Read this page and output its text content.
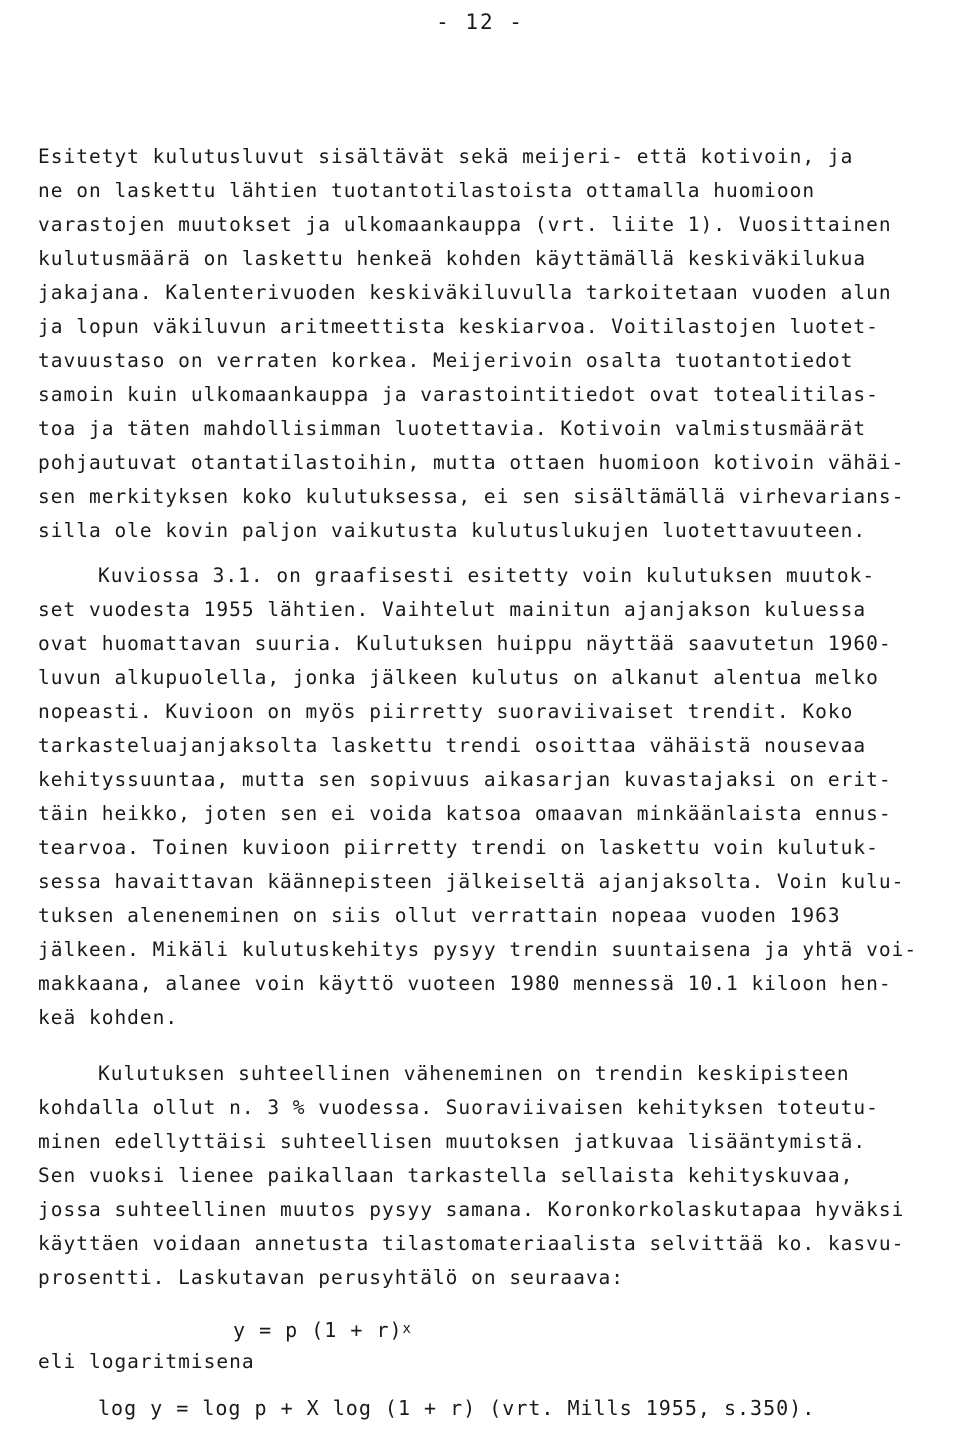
- 12 -
Esitetyt kulutusluvut sisältävät sekä meijeri- että kotivoin, ja
ne on laskettu lähtien tuotantotilastoista ottamalla huomioon
varastojen muutokset ja ulkomaankauppa (vrt. liite 1). Vuosittainen
kulutusmäärä on laskettu henkeä kohden käyttämällä keskiväkilukua
jakajana. Kalenterivuoden keskiväkiluvulla tarkoitetaan vuoden alun
ja lopun väkiluvun aritmeettista keskiarvoa. Voitilastojen luotet-
tavuustaso on verraten korkea. Meijerivoin osalta tuotantotiedot
samoin kuin ulkomaankauppa ja varastointitiedot ovat totealitilas-
toa ja täten mahdollisimman luotettavia. Kotivoin valmistusmäärät
pohjautuvat otantatilastoihin, mutta ottaen huomioon kotivoin vähäi-
sen merkityksen koko kulutuksessa, ei sen sisältämällä virhevarians-
silla ole kovin paljon vaikutusta kulutuslukujen luotettavuuteen.
Kuviossa 3.1. on graafisesti esitetty voin kulutuksen muutok-
set vuodesta 1955 lähtien. Vaihtelut mainitun ajanjakson kuluessa
ovat huomattavan suuria. Kulutuksen huippu näyttää saavutetun 1960-
luvun alkupuolella, jonka jälkeen kulutus on alkanut alentua melko
nopeasti. Kuvioon on myös piirretty suoraviivaiset trendit. Koko
tarkasteluajanjaksolta laskettu trendi osoittaa vähäistä nousevaa
kehityssuuntaa, mutta sen sopivuus aikasarjan kuvastajaksi on erit-
täin heikko, joten sen ei voida katsoa omaavan minkäänlaista ennus-
tearvoa. Toinen kuvioon piirretty trendi on laskettu voin kulutuk-
sessa havaittavan käännepisteen jälkeiseltä ajanjaksolta. Voin kulu-
tuksen aleneneminen on siis ollut verrattain nopeaa vuoden 1963
jälkeen. Mikäli kulutuskehitys pysyy trendin suuntaisena ja yhtä voi-
makkaana, alanee voin käyttö vuoteen 1980 mennessä 10.1 kiloon hen-
keä kohden.
Kulutuksen suhteellinen väheneminen on trendin keskipisteen
kohdalla ollut n. 3 % vuodessa. Suoraviivaisen kehityksen toteutu-
minen edellyttäisi suhteellisen muutoksen jatkuvaa lisääntymistä.
Sen vuoksi lienee paikallaan tarkastella sellaista kehityskuvaa,
jossa suhteellinen muutos pysyy samana. Koronkorkolaskutapaa hyväksi
käyttäen voidaan annetusta tilastomateriaalista selvittää ko. kasvu-
prosentti. Laskutavan perusyhtälö on seuraava:
y = p $(1 + r)^x$
eli logaritmisena
log y = log p + X log (1 + r) (vrt. Mills 1955, s.350).
